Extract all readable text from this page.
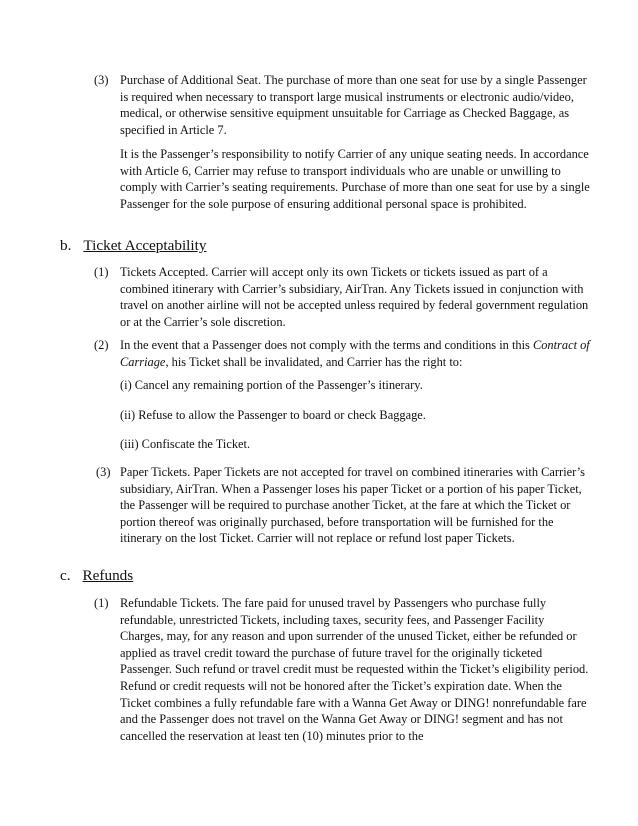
(3) Purchase of Additional Seat. The purchase of more than one seat for use by a single Passenger is required when necessary to transport large musical instruments or electronic audio/video, medical, or otherwise sensitive equipment unsuitable for Carriage as Checked Baggage, as specified in Article 7.

It is the Passenger’s responsibility to notify Carrier of any unique seating needs. In accordance with Article 6, Carrier may refuse to transport individuals who are unable or unwilling to comply with Carrier’s seating requirements. Purchase of more than one seat for use by a single Passenger for the sole purpose of ensuring additional personal space is prohibited.

b. Ticket Acceptability
(1) Tickets Accepted. Carrier will accept only its own Tickets or tickets issued as part of a combined itinerary with Carrier’s subsidiary, AirTran. Any Tickets issued in conjunction with travel on another airline will not be accepted unless required by federal government regulation or at the Carrier’s sole discretion.

(2) In the event that a Passenger does not comply with the terms and conditions in this Contract of Carriage, his Ticket shall be invalidated, and Carrier has the right to:

(i) Cancel any remaining portion of the Passenger’s itinerary.

(ii) Refuse to allow the Passenger to board or check Baggage.

(iii) Confiscate the Ticket.

(3) Paper Tickets. Paper Tickets are not accepted for travel on combined itineraries with Carrier’s subsidiary, AirTran. When a Passenger loses his paper Ticket or a portion of his paper Ticket, the Passenger will be required to purchase another Ticket, at the fare at which the Ticket or portion thereof was originally purchased, before transportation will be furnished for the itinerary on the lost Ticket. Carrier will not replace or refund lost paper Tickets.

c. Refunds
(1) Refundable Tickets. The fare paid for unused travel by Passengers who purchase fully refundable, unrestricted Tickets, including taxes, security fees, and Passenger Facility Charges, may, for any reason and upon surrender of the unused Ticket, either be refunded or applied as travel credit toward the purchase of future travel for the originally ticketed Passenger. Such refund or travel credit must be requested within the Ticket’s eligibility period. Refund or credit requests will not be honored after the Ticket’s expiration date. When the Ticket combines a fully refundable fare with a Wanna Get Away or DING! nonrefundable fare and the Passenger does not travel on the Wanna Get Away or DING! segment and has not cancelled the reservation at least ten (10) minutes prior to the
